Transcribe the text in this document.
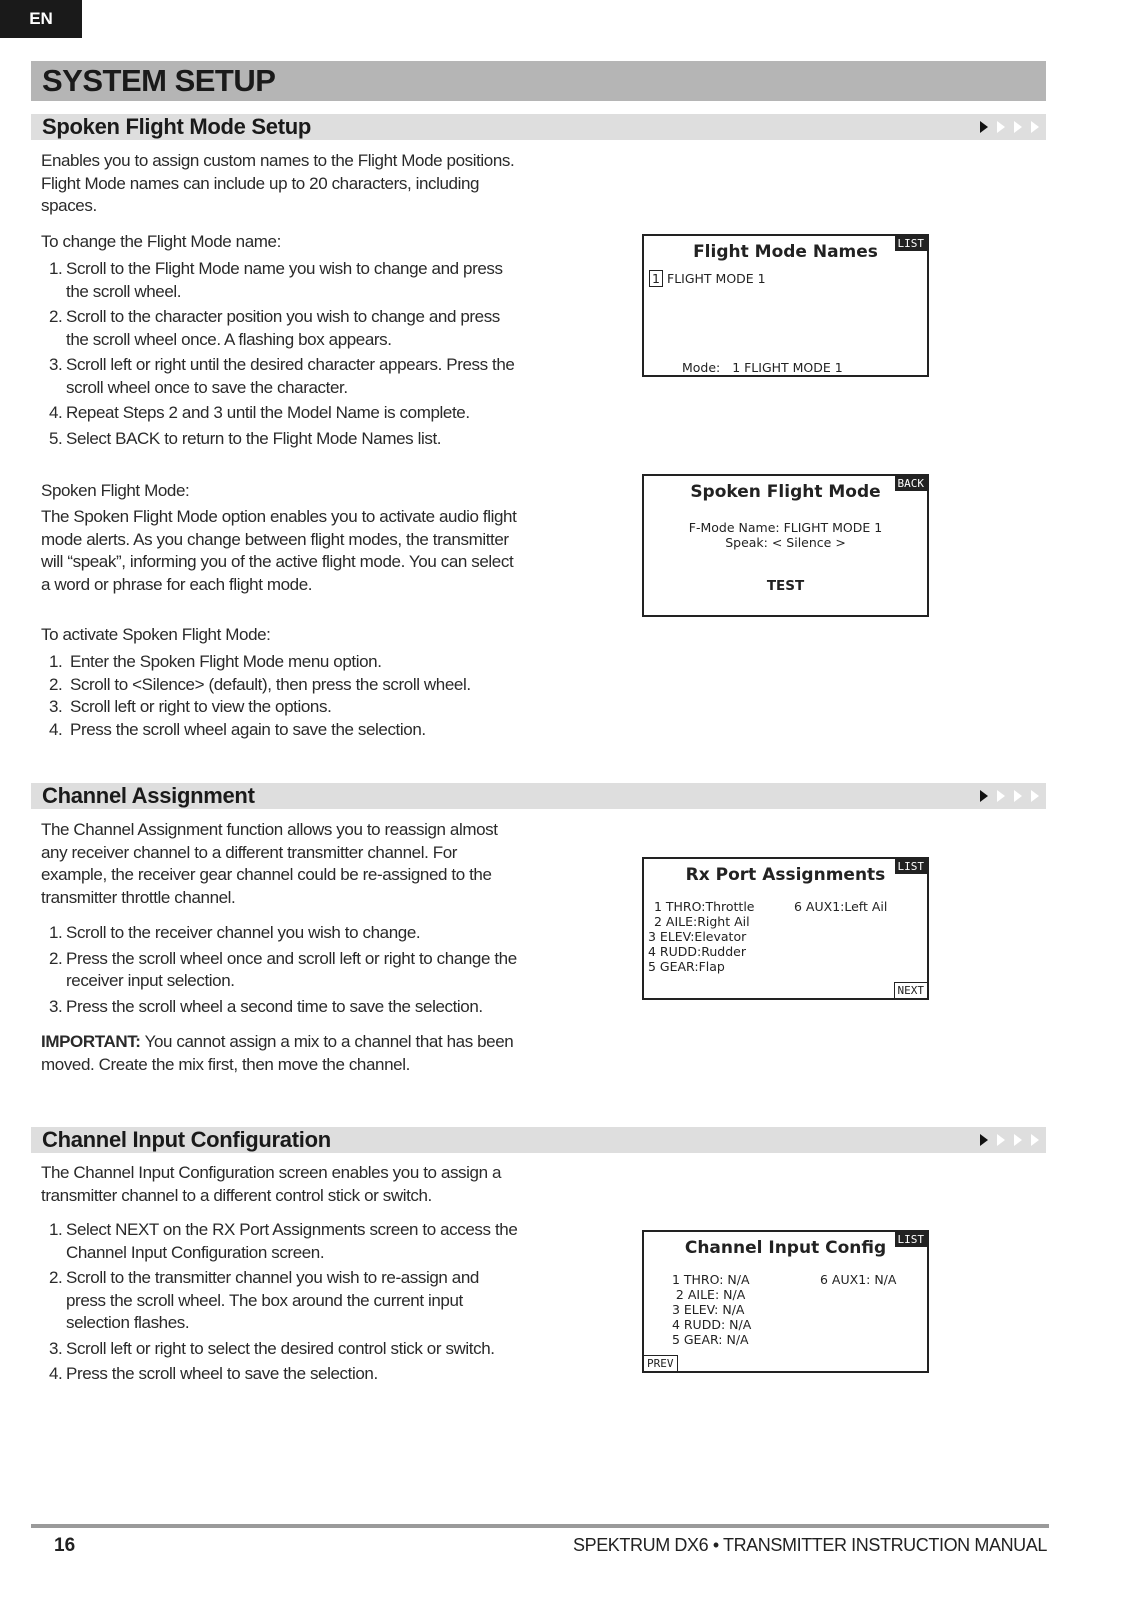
EN
SYSTEM SETUP
Spoken Flight Mode Setup

Enables you to assign custom names to the Flight Mode positions. Flight Mode names can include up to 20 characters, including spaces.

To change the Flight Mode name:
1. Scroll to the Flight Mode name you wish to change and press the scroll wheel.
2. Scroll to the character position you wish to change and press the scroll wheel once. A flashing box appears.
3. Scroll left or right until the desired character appears. Press the scroll wheel once to save the character.
4. Repeat Steps 2 and 3 until the Model Name is complete.
5. Select BACK to return to the Flight Mode Names list.
Spoken Flight Mode:

The Spoken Flight Mode option enables you to activate audio flight mode alerts. As you change between flight modes, the transmitter will “speak”, informing you of the active flight mode. You can select a word or phrase for each flight mode.

To activate Spoken Flight Mode:
1. Enter the Spoken Flight Mode menu option.
2. Scroll to <Silence> (default), then press the scroll wheel.
3. Scroll left or right to view the options.
4. Press the scroll wheel again to save the selection.
Flight Mode Names	LIST
1 FLIGHT MODE 1
Mode:   1 FLIGHT MODE 1
Spoken Flight Mode	BACK
F-Mode Name: FLIGHT MODE 1
Speak: < Silence >
TEST
Channel Assignment

The Channel Assignment function allows you to reassign almost any receiver channel to a different transmitter channel. For example, the receiver gear channel could be re-assigned to the transmitter throttle channel.

1. Scroll to the receiver channel you wish to change.
2. Press the scroll wheel once and scroll left or right to change the receiver input selection.
3. Press the scroll wheel a second time to save the selection.

IMPORTANT: You cannot assign a mix to a channel that has been moved. Create the mix first, then move the channel.

Rx Port Assignments	LIST
1 THRO:Throttle
2 AILE:Right Ail
3 ELEV:Elevator
4 RUDD:Rudder
5 GEAR:Flap
6 AUX1:Left Ail
NEXT
Channel Input Configuration

The Channel Input Configuration screen enables you to assign a transmitter channel to a different control stick or switch.

1. Select NEXT on the RX Port Assignments screen to access the Channel Input Configuration screen.
2. Scroll to the transmitter channel you wish to re-assign and press the scroll wheel. The box around the current input selection flashes.
3. Scroll left or right to select the desired control stick or switch.
4. Press the scroll wheel to save the selection.
Channel Input Config	LIST
1 THRO: N/A
2 AILE: N/A
3 ELEV: N/A
4 RUDD: N/A
5 GEAR: N/A
6 AUX1: N/A
PREV
16	SPEKTRUM DX6 • TRANSMITTER INSTRUCTION MANUAL
